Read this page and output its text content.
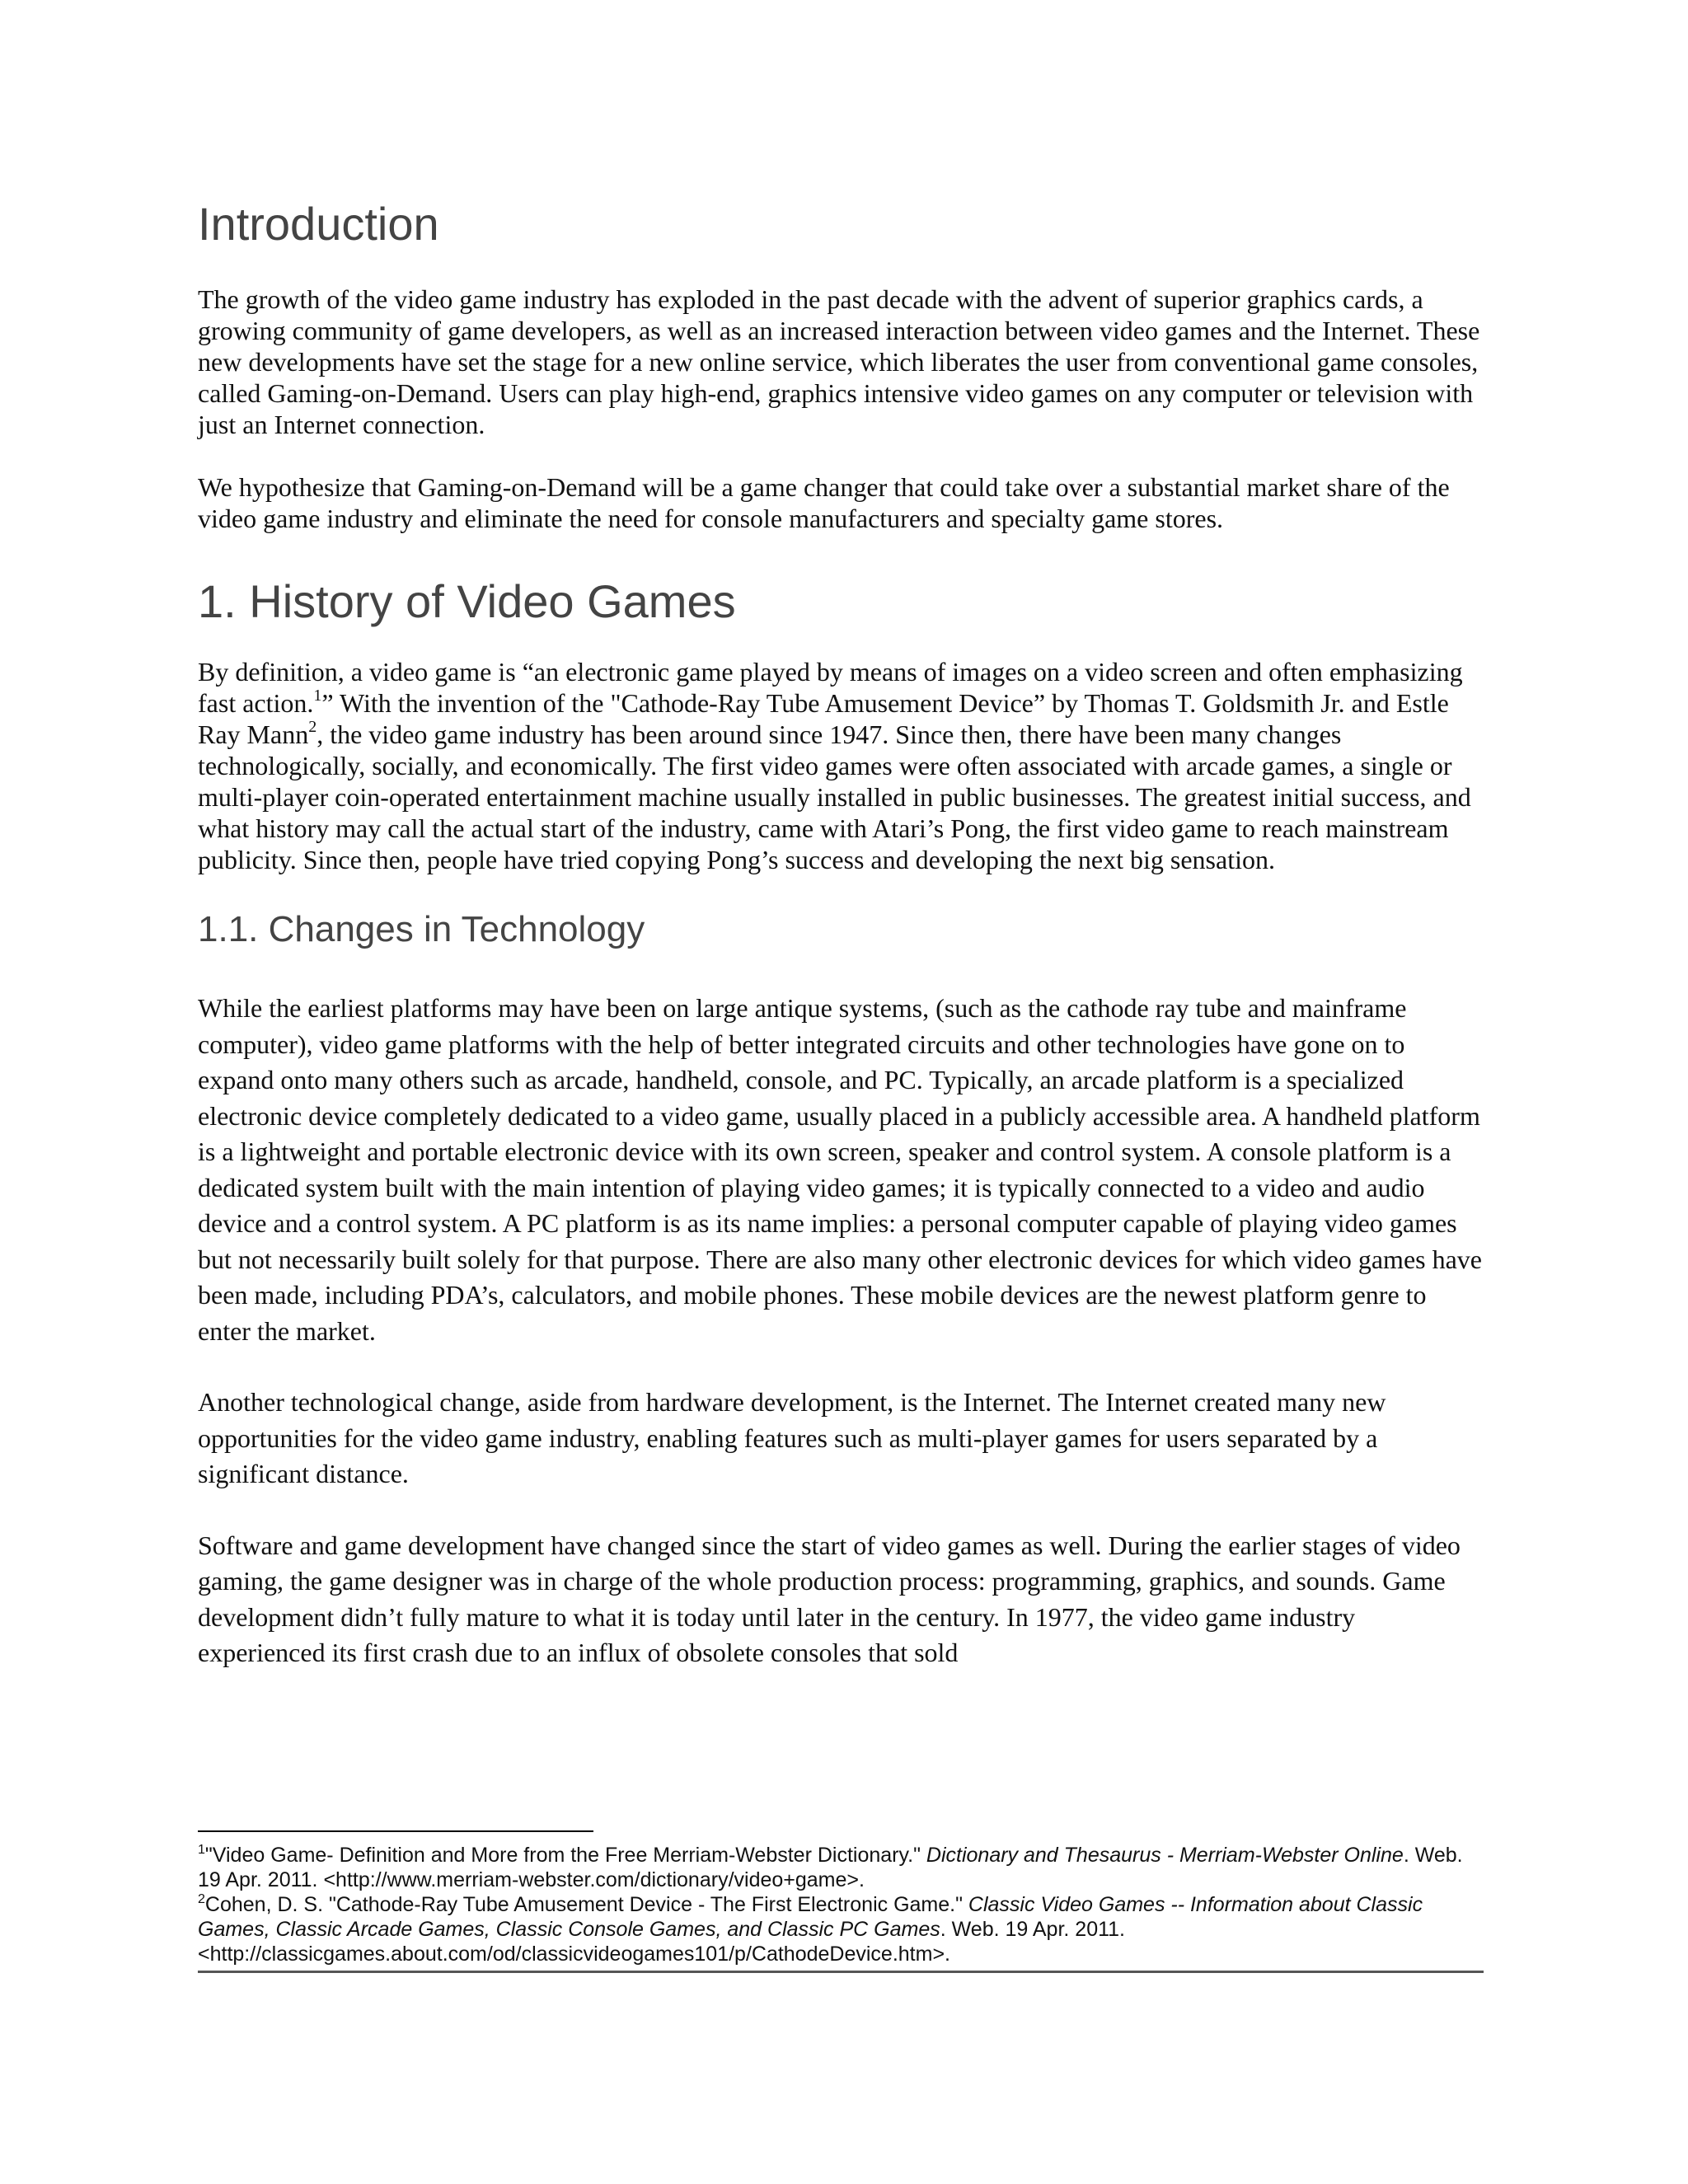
Introduction

The growth of the video game industry has exploded in the past decade with the advent of superior graphics cards, a growing community of game developers, as well as an increased interaction between video games and the Internet. These new developments have set the stage for a new online service, which liberates the user from conventional game consoles, called Gaming-on-Demand. Users can play high-end, graphics intensive video games on any computer or television with just an Internet connection.

We hypothesize that Gaming-on-Demand will be a game changer that could take over a substantial market share of the video game industry and eliminate the need for console manufacturers and specialty game stores.

1. History of Video Games

By definition, a video game is “an electronic game played by means of images on a video screen and often emphasizing fast action.$^1$” With the invention of the "Cathode-Ray Tube Amusement Device” by Thomas T. Goldsmith Jr. and Estle Ray Mann$^2$, the video game industry has been around since 1947. Since then, there have been many changes technologically, socially, and economically. The first video games were often associated with arcade games, a single or multi-player coin-operated entertainment machine usually installed in public businesses. The greatest initial success, and what history may call the actual start of the industry, came with Atari’s Pong, the first video game to reach mainstream publicity. Since then, people have tried copying Pong’s success and developing the next big sensation.

1.1. Changes in Technology

While the earliest platforms may have been on large antique systems, (such as the cathode ray tube and mainframe computer), video game platforms with the help of better integrated circuits and other technologies have gone on to expand onto many others such as arcade, handheld, console, and PC. Typically, an arcade platform is a specialized electronic device completely dedicated to a video game, usually placed in a publicly accessible area. A handheld platform is a lightweight and portable electronic device with its own screen, speaker and control system. A console platform is a dedicated system built with the main intention of playing video games; it is typically connected to a video and audio device and a control system. A PC platform is as its name implies: a personal computer capable of playing video games but not necessarily built solely for that purpose. There are also many other electronic devices for which video games have been made, including PDA’s, calculators, and mobile phones. These mobile devices are the newest platform genre to enter the market.

Another technological change, aside from hardware development, is the Internet. The Internet created many new opportunities for the video game industry, enabling features such as multi-player games for users separated by a significant distance.

Software and game development have changed since the start of video games as well. During the earlier stages of video gaming, the game designer was in charge of the whole production process: programming, graphics, and sounds. Game development didn’t fully mature to what it is today until later in the century. In 1977, the video game industry experienced its first crash due to an influx of obsolete consoles that sold

$^1$"Video Game- Definition and More from the Free Merriam-Webster Dictionary." Dictionary and Thesaurus - Merriam-Webster Online. Web. 19 Apr. 2011. <http://www.merriam-webster.com/dictionary/video+game>.

$^2$Cohen, D. S. "Cathode-Ray Tube Amusement Device - The First Electronic Game." Classic Video Games -- Information about Classic Games, Classic Arcade Games, Classic Console Games, and Classic PC Games. Web. 19 Apr. 2011. <http://classicgames.about.com/od/classicvideogames101/p/CathodeDevice.htm>.
